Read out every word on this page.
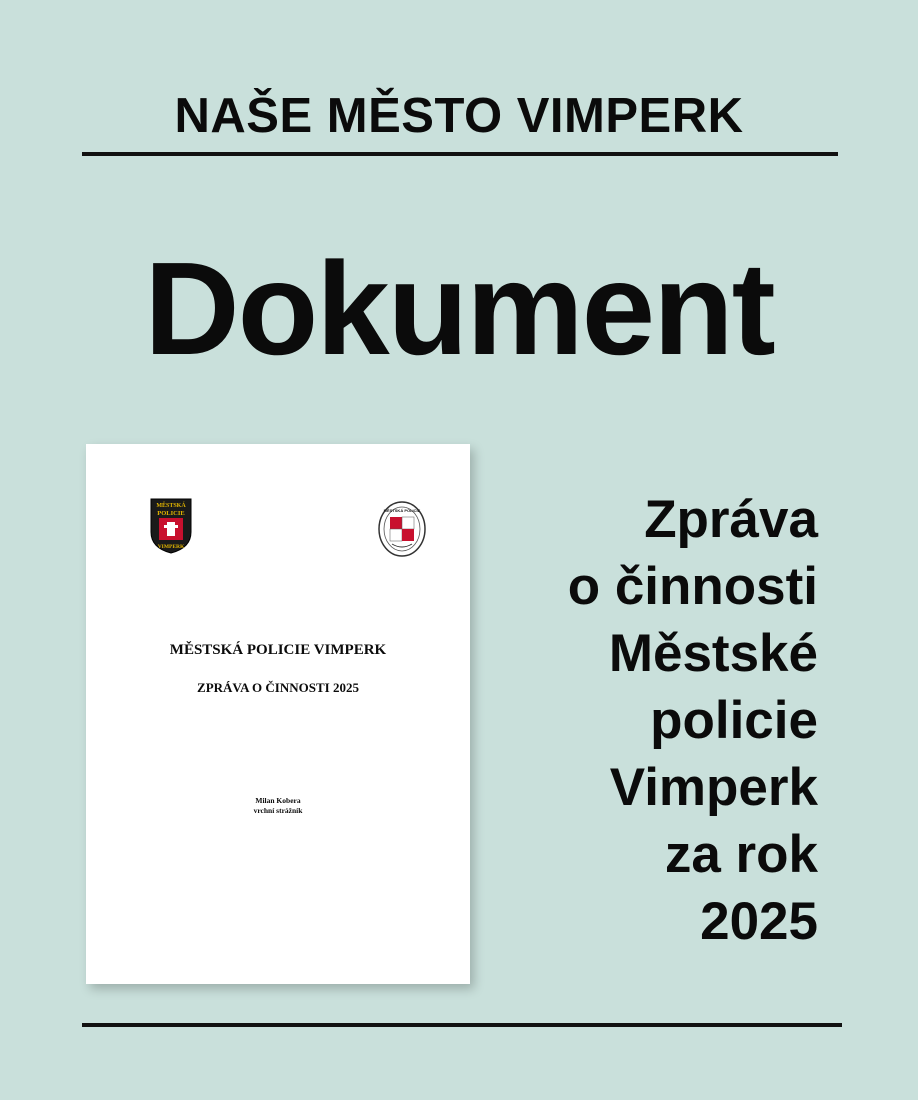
NAŠE MĚSTO VIMPERK
Dokument
MĚSTSKÁ
POLICIE
VIMPERK
MĚSTSKÁ POLICIE
MĚSTSKÁ POLICIE VIMPERK
ZPRÁVA O ČINNOSTI 2025
Milan Kobera
vrchní strážník
Zpráva
o činnosti
Městské
policie
Vimperk
za rok
2025
